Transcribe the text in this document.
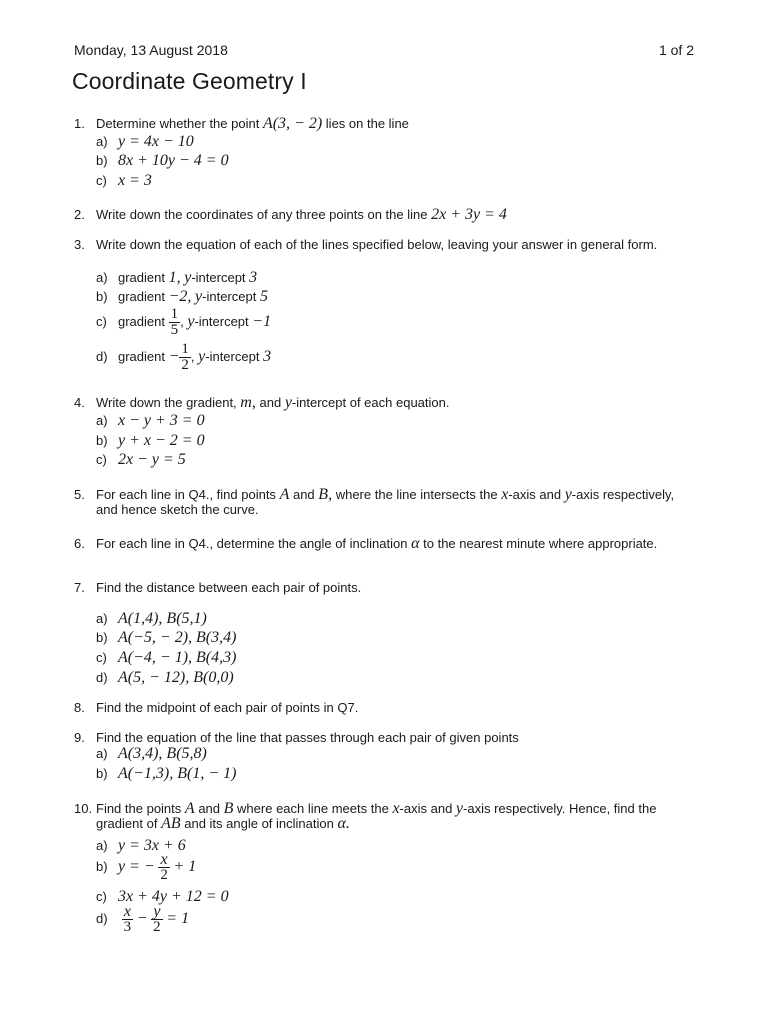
Monday, 13 August 2018	1 of 2
Coordinate Geometry I
1. Determine whether the point A(3, − 2) lies on the line
a) y = 4x − 10
b) 8x + 10y − 4 = 0
c) x = 3
2. Write down the coordinates of any three points on the line 2x + 3y = 4
3. Write down the equation of each of the lines specified below, leaving your answer in general form.
a) gradient 1, y-intercept 3
b) gradient −2, y-intercept 5
c) gradient $\frac{1}{5}$ , y-intercept −1
d) gradient − $\frac{1}{2}$ , y-intercept 3
4. Write down the gradient, m, and y-intercept of each equation.
a) x − y + 3 = 0
b) y + x − 2 = 0
c) 2x − y = 5
5. For each line in Q4., find points A and B, where the line intersects the x-axis and y-axis respectively, and hence sketch the curve.
6. For each line in Q4., determine the angle of inclination α to the nearest minute where appropriate.
7. Find the distance between each pair of points.
a) A(1,4), B(5,1)
b) A(−5, − 2), B(3,4)
c) A(−4, − 1), B(4,3)
d) A(5, − 12), B(0,0)
8. Find the midpoint of each pair of points in Q7.
9. Find the equation of the line that passes through each pair of given points
a) A(3,4), B(5,8)
b) A(−1,3), B(1, − 1)
10. Find the points A and B where each line meets the x-axis and y-axis respectively. Hence, find the gradient of AB and its angle of inclination α.
a) y = 3x + 6
b) y = − $\frac{x}{2} + 1$
c) 3x + 4y + 12 = 0
$d) \frac{x}{3} - \frac{y}{2} = 1$
